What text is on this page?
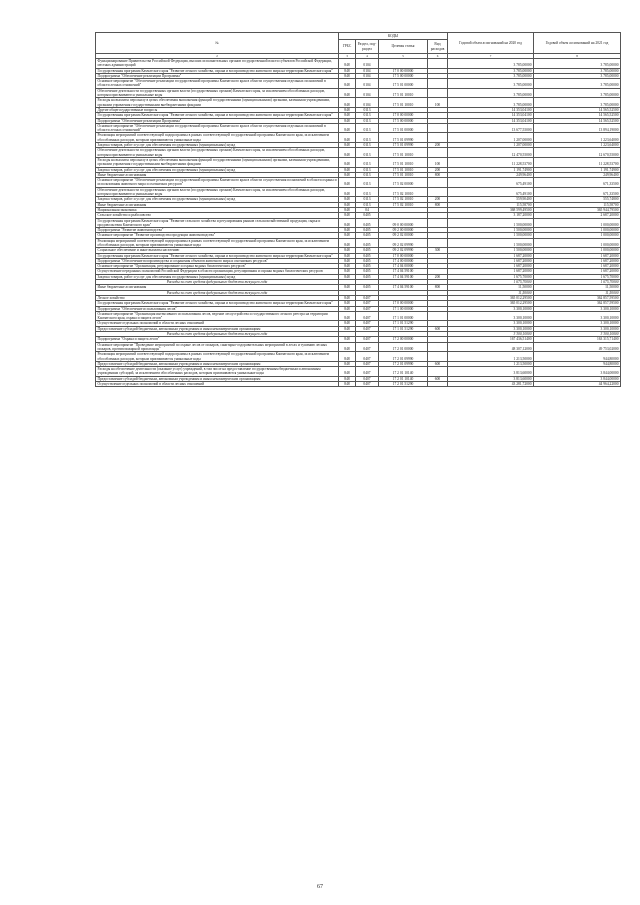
№	КОДЫ				Годовой объем ассигнований на 2020 год	Годовой объем ассигнований на 2021 год
	ГРБС	Раздел, под-раздел	Целевая статья	Вид расходов		
2	3	4	5	6	7	8
Функционирование Правительства Российской Федерации, высших исполнительных органов государственной власти субъектов Российской Федерации, местных администраций	848	0104			3 785,00000	3 785,00000
Государственная программа Камчатского края "Развитие лесного хозяйства, охрана и воспроизводство животного мира на территории Камчатского края"	848	0104	17 0 00 00000		3 785,00000	3 785,00000
Подпрограмма "Обеспечение реализации Программы"	848	0104	17 5 00 00000		3 785,00000	3 785,00000
Основное мероприятие "Обеспечение реализации государственной программы Камчатского края в области осуществления отдельных полномочий в области лесных отношений"	848	0104	17 5 01 00000		3 785,00000	3 785,00000
Обеспечение деятельности государственных органов власти (государственных органов) Камчатского края, за исключением обособленных расходов, которым присваиваются уникальные коды	848	0104	17 5 01 10010		3 785,00000	3 785,00000
Расходы на выплаты персоналу в целях обеспечения выполнения функций государственными (муниципальными) органами, казенными учреждениями, органами управления государственными внебюджетными фондами	848	0104	17 5 01 10010	100	3 785,00000	3 785,00000
Другие общегосударственные вопросы	848	0113			14 353,04100	14 565,52500
Государственная программа Камчатского края "Развитие лесного хозяйства, охрана и воспроизводство животного мира на территории Камчатского края"	848	0113	17 0 00 00000		14 353,04100	14 565,52500
Подпрограмма "Обеспечение реализации Программы"	848	0113	17 5 00 00000		14 353,04100	14 565,52500
Основное мероприятие "Обеспечение реализации государственной программы Камчатского края в области осуществления отдельных полномочий в области лесных отношений"	848	0113	17 5 01 00000		13 677,55000	13 894,19000
Реализация мероприятий соответствующей подпрограммы в рамках соответствующей государственной программы Камчатского края, за исключением обособленных расходов, которым присваиваются уникальные коды	848	0113	17 5 01 09990		1 207,00000	1 223,64000
Закупка товаров, работ и услуг для обеспечения государственных (муниципальных) нужд	848	0113	17 5 01 09990	200	1 207,00000	1 223,64000
Обеспечение деятельности государственных органов власти (государственных органов) Камчатского края, за исключением обособленных расходов, которым присваиваются уникальные коды	848	0113	17 5 01 10010		12 470,55000	12 670,55000
Расходы на выплаты персоналу в целях обеспечения выполнения функций государственными (муниципальными) органами, казенными учреждениями, органами управления государственными внебюджетными фондами	848	0113	17 5 01 10010	100	11 228,53700	11 228,53700
Закупка товаров, работ и услуг для обеспечения государственных (муниципальных) нужд	848	0113	17 5 01 10010	200	1 191,74900	1 191,74900
Иные бюджетные ассигнования	848	0113	17 5 01 10010	800	249,96400	249,96400
Основное мероприятие "Обеспечение реализации государственной программы Камчатского края в области осуществления полномочий в области охраны и использования животного мира и охотничьих ресурсов"	848	0113	17 5 02 00000		675,49100	671,33500
Обеспечение деятельности государственных органов власти (государственных органов) Камчатского края, за исключением обособленных расходов, которым присваиваются уникальные коды	848	0113	17 5 02 10010		675,49100	671,33500
Закупка товаров, работ и услуг для обеспечения государственных (муниципальных) нужд	848	0113	17 5 02 10010	200	559,90400	555,74800
Иные бюджетные ассигнования	848	0113	17 5 02 10010	800	115,58700	115,58700
Национальная экономика	848	04			368 599,49500	365 944,79500
Сельское хозяйство и рыболовство	848	0405			3 187,20000	2 687,20000
Государственная программа Камчатского края "Развитие сельского хозяйства и регулирования рынков сельскохозяйственной продукции, сырья и продовольствия Камчатского края"	848	0405	09 0 00 00000		1 500,00000	1 000,00000
Подпрограмма "Развитие животноводства"	848	0405	09 2 00 00000		1 500,00000	1 000,00000
Основное мероприятие "Развитие производства продукции животноводства"	848	0405	09 2 02 00000		1 500,00000	1 000,00000
Реализация мероприятий соответствующей подпрограммы в рамках соответствующей государственной программы Камчатского края, за исключением обособленных расходов, которым присваиваются уникальные коды	848	0405	09 2 02 09990		1 500,00000	1 000,00000
Социальное обеспечение и иные выплаты населению	848	0405	09 2 02 09990	300	1 500,00000	1 000,00000
Государственная программа Камчатского края "Развитие лесного хозяйства, охрана и воспроизводство животного мира на территории Камчатского края"	848	0405	17 0 00 00000		1 687,20000	1 687,20000
Подпрограмма "Обеспечение воспроизводства и сохранения объектов животного мира и охотничьих ресурсов"	848	0405	17 4 00 00000		1 687,20000	1 687,20000
Основное мероприятие "Организация, регулирование и охрана водных биологических ресурсов"	848	0405	17 4 04 00000		1 687,20000	1 687,20000
Осуществление переданных полномочий Российской Федерации в области организации, регулирования и охраны водных биологических ресурсов	848	0405	17 4 04 59100		1 687,20000	1 687,20000
Закупка товаров, работ и услуг для обеспечения государственных (муниципальных) нужд	848	0405	17 4 04 59100	200	1 675,70000	1 675,70000
Расходы за счет средств федерального бюджета текущего года					1 675,70000	1 675,70000
Иные бюджетные ассигнования	848	0405	17 4 04 59100	800	11,50000	11,50000
Расходы за счет средств федерального бюджета текущего года					11,50000	11,50000
Лесное хозяйство	848	0407			365 012,29500	362 857,59500
Государственная программа Камчатского края "Развитие лесного хозяйства, охрана и воспроизводство животного мира на территории Камчатского края"	848	0407	17 0 00 00000		365 012,29500	362 857,59500
Подпрограмма "Обеспечение использования лесов"	848	0407	17 1 00 00000		3 300,10000	3 300,10000
Основное мероприятие "Организация интенсивного использования лесов, ведение лесоустройства и государственного лесного реестра на территории Камчатского края, охрана и защита лесов"	848	0407	17 1 01 00000		3 300,10000	3 300,10000
Осуществление отдельных полномочий в области лесных отношений	848	0407	17 1 01 51290		3 300,10000	3 300,10000
Предоставление субсидий бюджетным, автономным учреждениям и иным некоммерческим организациям	848	0407	17 1 01 51290	600	3 300,10000	3 300,10000
Расходы за счет средств федерального бюджета текущего года					3 300,10000	3 300,10000
Подпрограмма "Охрана и защита лесов"	848	0407	17 2 00 00000		167 436,51400	163 315,71400
Основное мероприятие "Проведение мероприятий по охране лесов от пожаров, санитарно-оздоровительных мероприятий в лесах и тушению лесных пожаров, противопожарной пропаганды"	848	0407	17 2 01 00000		48 307,12000	49 753,02000
Реализация мероприятий соответствующей подпрограммы в рамках соответствующей государственной программы Камчатского края, за исключением обособленных расходов, которым присваиваются уникальные коды	848	0407	17 2 01 09990		1 213,50000	944,80000
Предоставление субсидий бюджетным, автономным учреждениям и иным некоммерческим организациям	848	0407	17 2 01 09990	600	1 213,50000	944,80000
Расходы на обеспечение деятельности (оказание услуг) учреждений, в том числе на предоставление государственным бюджетным и автономным учреждениям субсидий, за исключением обособленных расходов, которым присваиваются уникальные коды	848	0407	17 2 01 10140		3 813,60000	3 844,00000
Предоставление субсидий бюджетным, автономным учреждениям и иным некоммерческим организациям	848	0407	17 2 01 10140	600	3 813,60000	3 844,00000
Осуществление отдельных полномочий в области лесных отношений	848	0407	17 2 01 51290		43 281,72000	44 964,22000
67
